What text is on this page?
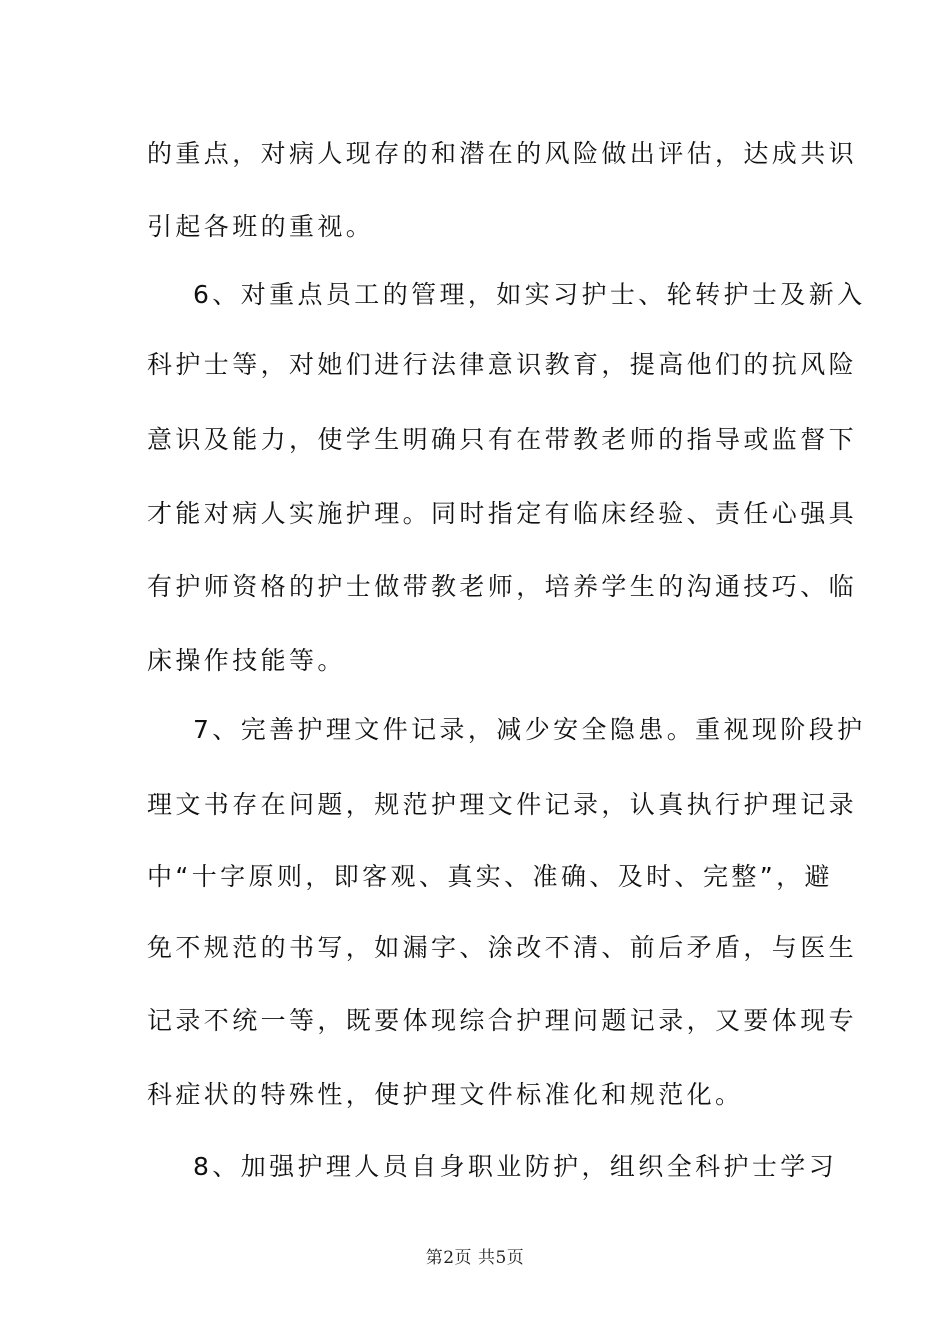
的重点，对病人现存的和潜在的风险做出评估，达成共识
引起各班的重视。
6、对重点员工的管理，如实习护士、轮转护士及新入
科护士等，对她们进行法律意识教育，提高他们的抗风险
意识及能力，使学生明确只有在带教老师的指导或监督下
才能对病人实施护理。同时指定有临床经验、责任心强具
有护师资格的护士做带教老师，培养学生的沟通技巧、临
床操作技能等。
7、完善护理文件记录，减少安全隐患。重视现阶段护
理文书存在问题，规范护理文件记录，认真执行护理记录
中“十字原则，即客观、真实、准确、及时、完整”，避
免不规范的书写，如漏字、涂改不清、前后矛盾，与医生
记录不统一等，既要体现综合护理问题记录，又要体现专
科症状的特殊性，使护理文件标准化和规范化。
8、加强护理人员自身职业防护，组织全科护士学习
第2页 共5页
